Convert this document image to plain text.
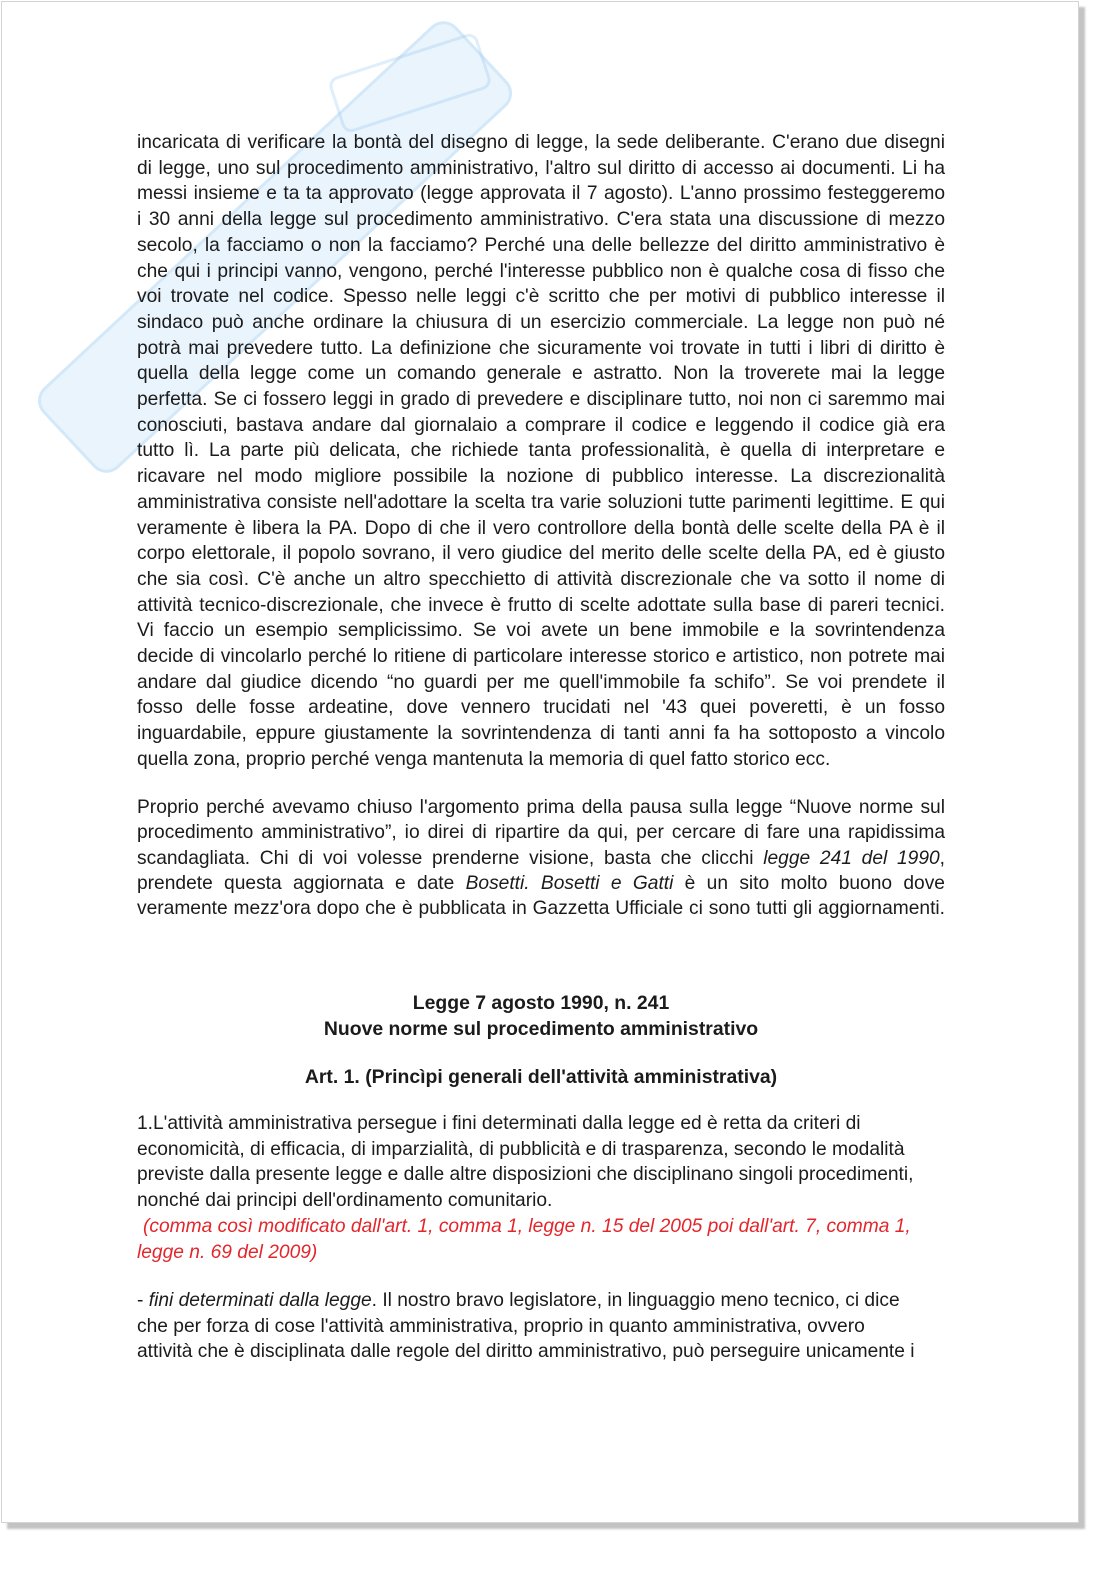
incaricata di verificare la bontà del disegno di legge, la sede deliberante. C'erano due disegni
di legge, uno sul procedimento amministrativo, l'altro sul diritto di accesso ai documenti. Li ha
messi insieme e ta ta approvato (legge approvata il 7 agosto). L'anno prossimo festeggeremo
i 30 anni della legge sul procedimento amministrativo. C'era stata una discussione di mezzo
secolo, la facciamo o non la facciamo? Perché una delle bellezze del diritto amministrativo è
che qui i principi vanno, vengono, perché l'interesse pubblico non è qualche cosa di fisso che
voi trovate nel codice. Spesso nelle leggi c'è scritto che per motivi di pubblico interesse il
sindaco può anche ordinare la chiusura di un esercizio commerciale. La legge non può né
potrà mai prevedere tutto. La definizione che sicuramente voi trovate in tutti i libri di diritto è
quella della legge come un comando generale e astratto. Non la troverete mai la legge
perfetta. Se ci fossero leggi in grado di prevedere e disciplinare tutto, noi non ci saremmo mai
conosciuti, bastava andare dal giornalaio a comprare il codice e leggendo il codice già era
tutto lì. La parte più delicata, che richiede tanta professionalità, è quella di interpretare e
ricavare nel modo migliore possibile la nozione di pubblico interesse. La discrezionalità
amministrativa consiste nell'adottare la scelta tra varie soluzioni tutte parimenti legittime. E qui
veramente è libera la PA. Dopo di che il vero controllore della bontà delle scelte della PA è il
corpo elettorale, il popolo sovrano, il vero giudice del merito delle scelte della PA, ed è giusto
che sia così. C'è anche un altro specchietto di attività discrezionale che va sotto il nome di
attività tecnico-discrezionale, che invece è frutto di scelte adottate sulla base di pareri tecnici.
Vi faccio un esempio semplicissimo. Se voi avete un bene immobile e la sovrintendenza
decide di vincolarlo perché lo ritiene di particolare interesse storico e artistico, non potrete mai
andare dal giudice dicendo “no guardi per me quell'immobile fa schifo”. Se voi prendete il
fosso delle fosse ardeatine, dove vennero trucidati nel '43 quei poveretti, è un fosso
inguardabile, eppure giustamente la sovrintendenza di tanti anni fa ha sottoposto a vincolo
quella zona, proprio perché venga mantenuta la memoria di quel fatto storico ecc.
Proprio perché avevamo chiuso l'argomento prima della pausa sulla legge “Nuove norme sul
procedimento amministrativo”, io direi di ripartire da qui, per cercare di fare una rapidissima
scandagliata. Chi di voi volesse prenderne visione, basta che clicchi legge 241 del 1990,
prendete questa aggiornata e date Bosetti. Bosetti e Gatti è un sito molto buono dove
veramente mezz'ora dopo che è pubblicata in Gazzetta Ufficiale ci sono tutti gli aggiornamenti.
Legge 7 agosto 1990, n. 241
Nuove norme sul procedimento amministrativo
Art. 1. (Princìpi generali dell'attività amministrativa)
1.L'attività amministrativa persegue i fini determinati dalla legge ed è retta da criteri di
economicità, di efficacia, di imparzialità, di pubblicità e di trasparenza, secondo le modalità
previste dalla presente legge e dalle altre disposizioni che disciplinano singoli procedimenti,
nonché dai principi dell'ordinamento comunitario.
(comma così modificato dall'art. 1, comma 1, legge n. 15 del 2005 poi dall'art. 7, comma 1,
legge n. 69 del 2009)
- fini determinati dalla legge. Il nostro bravo legislatore, in linguaggio meno tecnico, ci dice
che per forza di cose l'attività amministrativa, proprio in quanto amministrativa, ovvero
attività che è disciplinata dalle regole del diritto amministrativo, può perseguire unicamente i
